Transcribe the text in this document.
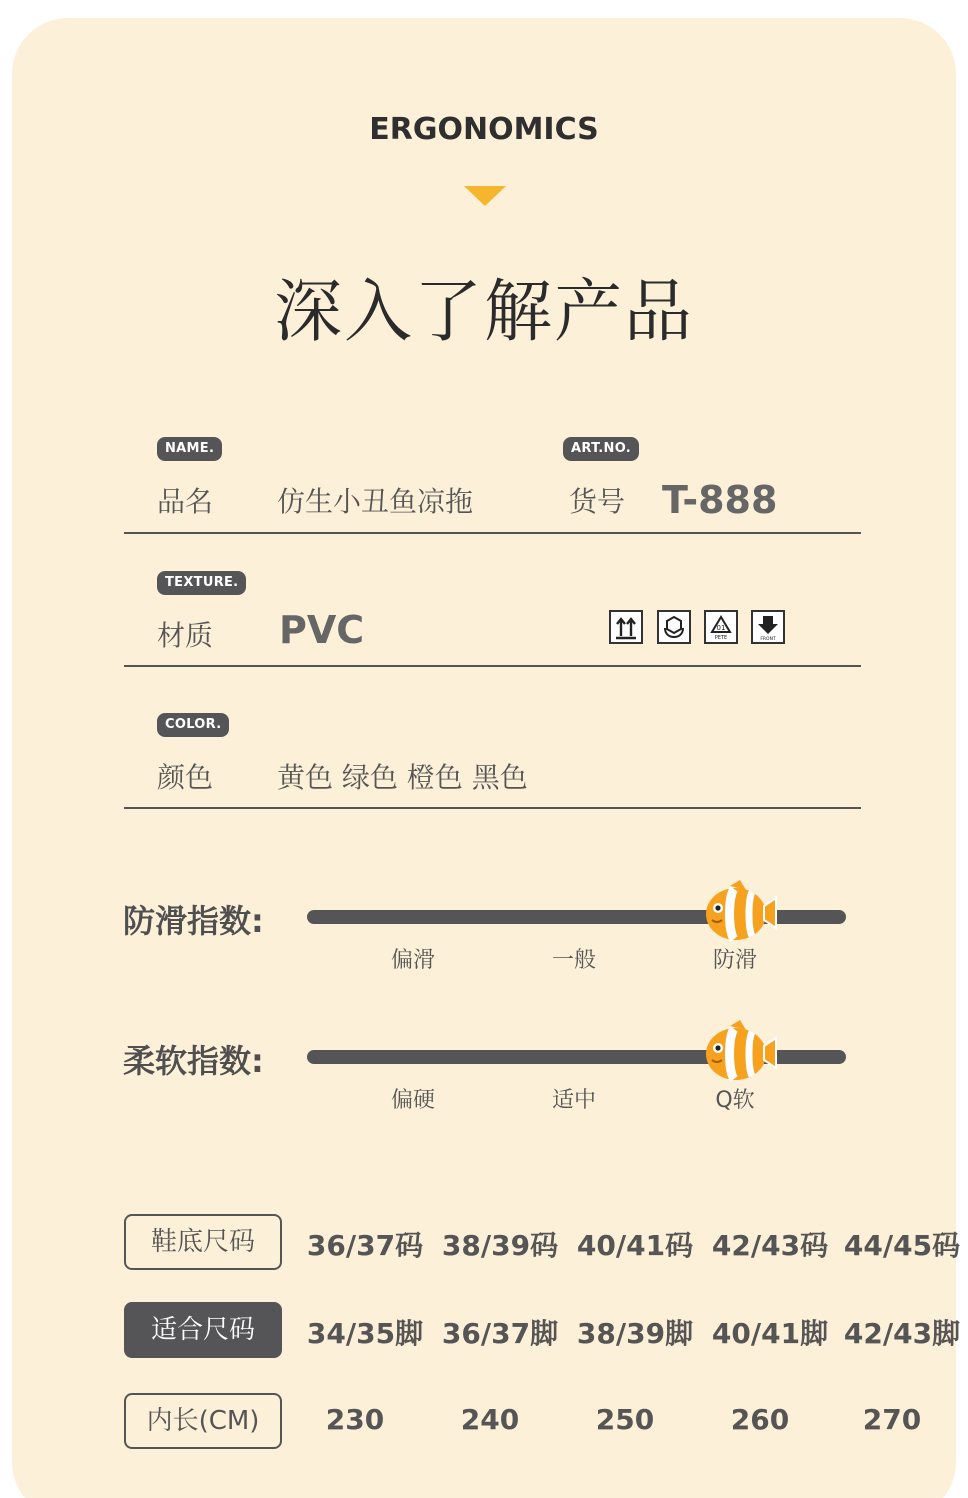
ERGONOMICS
深入了解产品
NAME.
品名 仿生小丑鱼凉拖
ART.NO.
货号 T-888
TEXTURE.
材质 PVC	01
PETE	FRONT
COLOR.
颜色 黄色 绿色 橙色 黑色
防滑指数:
偏滑	一般	防滑
柔软指数:
偏硬	适中	Q软
鞋底尺码	36/37码 38/39码 40/41码 42/43码 44/45码
适合尺码	34/35脚 36/37脚 38/39脚 40/41脚 42/43脚
内长(CM)	230	240	250	260	270
